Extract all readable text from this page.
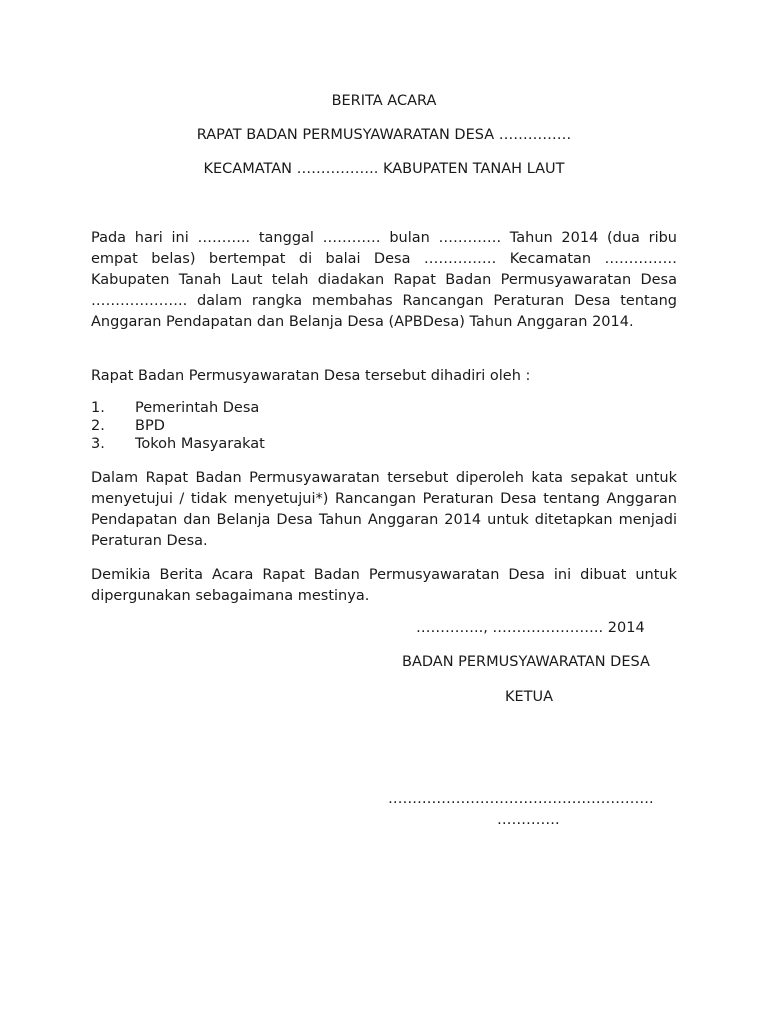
BERITA ACARA
RAPAT BADAN PERMUSYAWARATAN DESA ……………
KECAMATAN …………….. KABUPATEN TANAH LAUT

Pada hari ini ……….. tanggal ………… bulan …………. Tahun 2014 (dua ribu empat belas) bertempat di balai Desa …………… Kecamatan …………… Kabupaten Tanah Laut telah diadakan Rapat Badan Permusyawaratan Desa ……………….. dalam rangka membahas Rancangan Peraturan Desa tentang Anggaran Pendapatan dan Belanja Desa (APBDesa) Tahun Anggaran 2014.

Rapat Badan Permusyawaratan Desa tersebut dihadiri oleh :

1.	Pemerintah Desa
2.	BPD
3.	Tokoh Masyarakat

Dalam Rapat Badan Permusyawaratan tersebut diperoleh kata sepakat untuk menyetujui / tidak menyetujui*) Rancangan Peraturan Desa tentang Anggaran Pendapatan dan Belanja Desa Tahun Anggaran 2014 untuk ditetapkan menjadi Peraturan Desa.

Demikia Berita Acara Rapat Badan Permusyawaratan Desa ini dibuat untuk dipergunakan sebagaimana mestinya.

………….., ………………….. 2014
BADAN PERMUSYAWARATAN DESA
KETUA
……………………………………………….
………….
